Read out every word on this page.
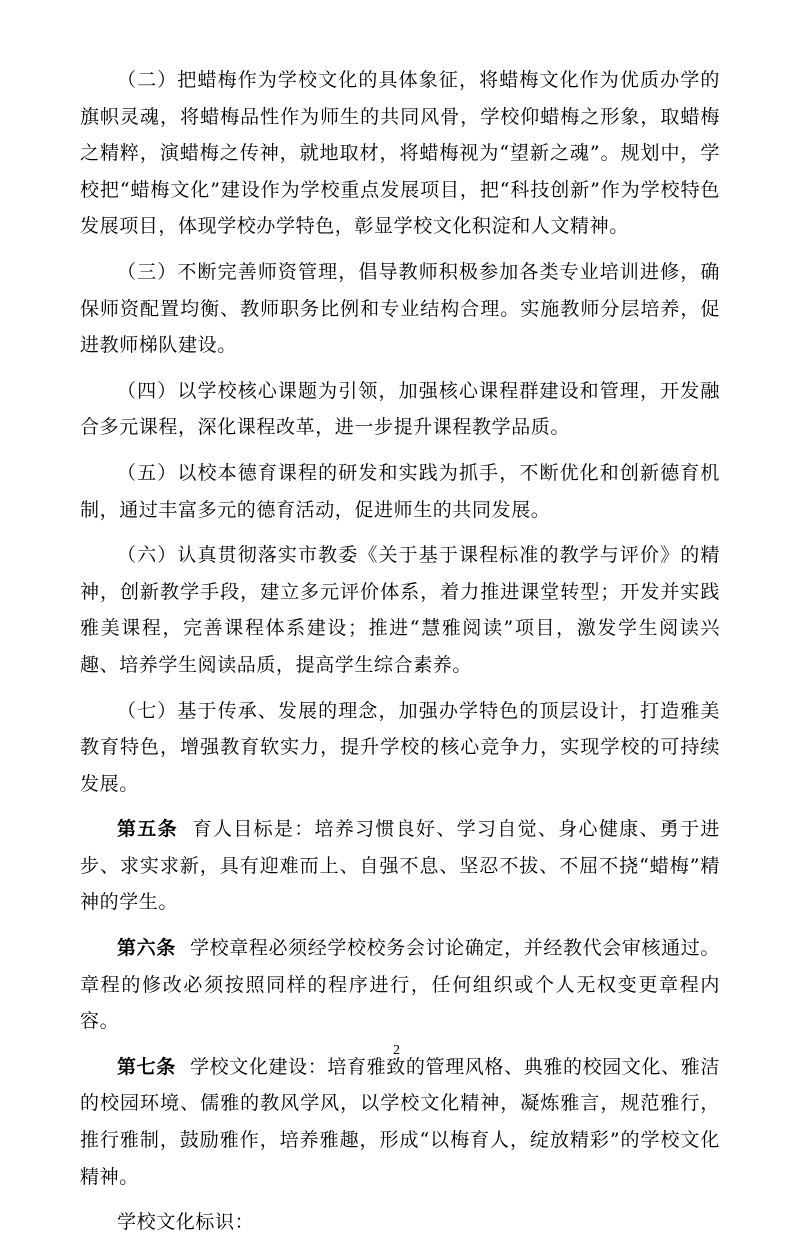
（二）把蜡梅作为学校文化的具体象征，将蜡梅文化作为优质办学的旗帜灵魂，将蜡梅品性作为师生的共同风骨，学校仰蜡梅之形象，取蜡梅之精粹，演蜡梅之传神，就地取材，将蜡梅视为“望新之魂”。规划中，学校把“蜡梅文化”建设作为学校重点发展项目，把“科技创新”作为学校特色发展项目，体现学校办学特色，彰显学校文化积淀和人文精神。

（三）不断完善师资管理，倡导教师积极参加各类专业培训进修，确保师资配置均衡、教师职务比例和专业结构合理。实施教师分层培养，促进教师梯队建设。

（四）以学校核心课题为引领，加强核心课程群建设和管理，开发融合多元课程，深化课程改革，进一步提升课程教学品质。

（五）以校本德育课程的研发和实践为抓手，不断优化和创新德育机制，通过丰富多元的德育活动，促进师生的共同发展。

（六）认真贯彻落实市教委《关于基于课程标准的教学与评价》的精神，创新教学手段，建立多元评价体系，着力推进课堂转型；开发并实践雅美课程，完善课程体系建设；推进“慧雅阅读”项目，激发学生阅读兴趣、培养学生阅读品质，提高学生综合素养。

（七）基于传承、发展的理念，加强办学特色的顶层设计，打造雅美教育特色，增强教育软实力，提升学校的核心竞争力，实现学校的可持续发展。

第五条 育人目标是：培养习惯良好、学习自觉、身心健康、勇于进步、求实求新，具有迎难而上、自强不息、坚忍不拔、不屈不挠“蜡梅”精神的学生。

第六条 学校章程必须经学校校务会讨论确定，并经教代会审核通过。章程的修改必须按照同样的程序进行，任何组织或个人无权变更章程内容。

第七条 学校文化建设：培育雅致的管理风格、典雅的校园文化、雅洁的校园环境、儒雅的教风学风，以学校文化精神，凝炼雅言，规范雅行，推行雅制，鼓励雅作，培养雅趣，形成“以梅育人，绽放精彩”的学校文化精神。

学校文化标识：

2
